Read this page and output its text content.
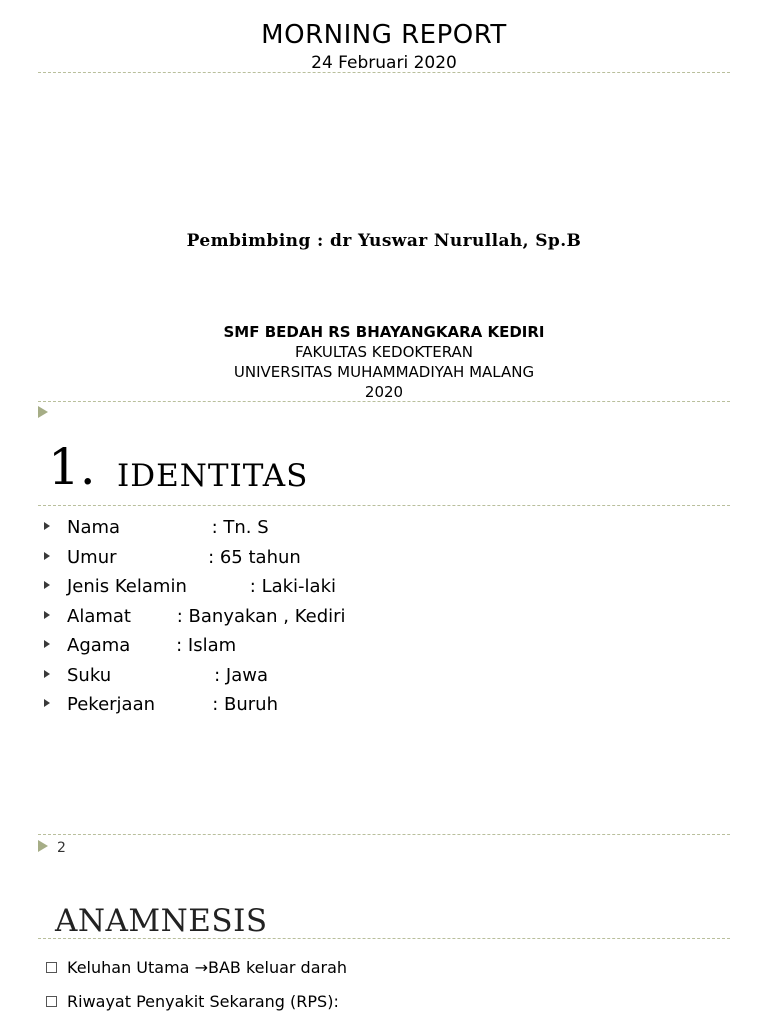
MORNING REPORT
24 Februari 2020
Pembimbing : dr Yuswar Nurullah, Sp.B
SMF BEDAH RS BHAYANGKARA KEDIRI
FAKULTAS KEDOKTERAN
UNIVERSITAS MUHAMMADIYAH MALANG
2020
1. IDENTITAS
Nama                : Tn. S
Umur                : 65 tahun
Jenis Kelamin           : Laki-laki
Alamat        : Banyakan , Kediri
Agama        : Islam
Suku                  : Jawa
Pekerjaan          : Buruh
2
ANAMNESIS
Keluhan Utama →BAB keluar darah
Riwayat Penyakit Sekarang (RPS):
